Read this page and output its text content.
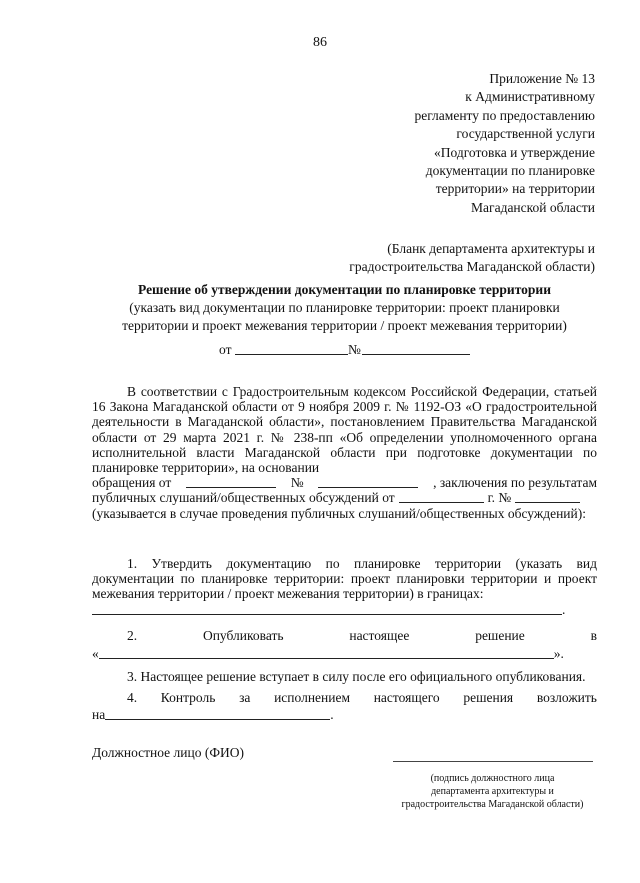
86
Приложение № 13
к Административному
регламенту по предоставлению
государственной услуги
«Подготовка и утверждение
документации по планировке
территории» на территории
Магаданской области
(Бланк департамента архитектуры и
градостроительства Магаданской области)
Решение об утверждении документации по планировке территории
(указать вид документации по планировке территории: проект планировки
территории и проект межевания территории / проект межевания территории)
от	№
В соответствии с Градостроительным кодексом Российской Федерации, статьей 16 Закона Магаданской области от 9 ноября 2009 г. № 1192-ОЗ «О градостроительной деятельности в Магаданской области», постановлением Правительства Магаданской области от 29 марта 2021 г. № 238-пп «Об определении уполномоченного органа исполнительной власти Магаданской области при подготовке документации по планировке территории», на основании
обращения от	№	, заключения по результатам
публичных слушаний/общественных обсуждений от	г. №
(указывается в случае проведения публичных слушаний/общественных обсуждений):
1. Утвердить документацию по планировке территории (указать вид документации по планировке территории: проект планировки территории и проект межевания территории / проект межевания территории) в границах:
.
2.	Опубликовать	настоящее	решение	в
«	».
3. Настоящее решение вступает в силу после его официального опубликования.
4. Контроль за исполнением настоящего решения возложить
на	.
Должностное лицо (ФИО)
(подпись должностного лица
департамента архитектуры и
градостроительства Магаданской области)
